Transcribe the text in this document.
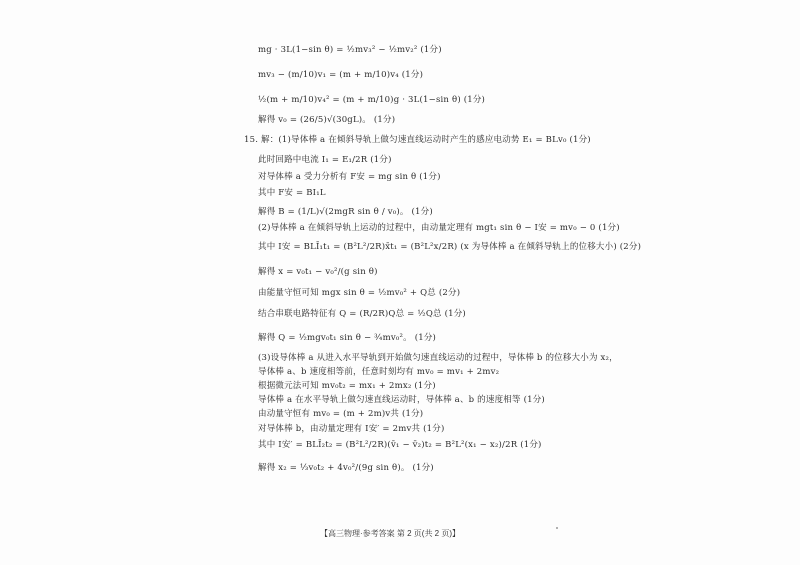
mg · 3L(1−sin θ) = ½mv₃² − ½mv₂² (1分)
mv₃ − (m/10)v₁ = (m + m/10)v₄ (1分)
½(m + m/10)v₄² = (m + m/10)g · 3L(1−sin θ) (1分)
解得 v₀ = (26/5)√(30gL)。 (1分)
15. 解：(1)导体棒 a 在倾斜导轨上做匀速直线运动时产生的感应电动势 E₁ = BLv₀ (1分)
此时回路中电流 I₁ = E₁/2R (1分)
对导体棒 a 受力分析有 F安 = mg sin θ (1分)
其中 F安 = BI₁L
解得 B = (1/L)√(2mgR sin θ / v₀)。 (1分)
(2)导体棒 a 在倾斜导轨上运动的过程中，由动量定理有 mgt₁ sin θ − I安 = mv₀ − 0 (1分)
其中 I安 = BLĪ₁t₁ = (B²L²/2R)x̄t₁ = (B²L²x/2R) (x 为导体棒 a 在倾斜导轨上的位移大小) (2分)
解得 x = v₀t₁ − v₀²/(g sin θ)
由能量守恒可知 mgx sin θ = ½mv₀² + Q总 (2分)
结合串联电路特征有 Q = (R/2R)Q总 = ½Q总 (1分)
解得 Q = ½mgv₀t₁ sin θ − ¾mv₀²。 (1分)
(3)设导体棒 a 从进入水平导轨到开始做匀速直线运动的过程中，导体棒 b 的位移大小为 x₂，
导体棒 a、b 速度相等前，任意时刻均有 mv₀ = mv₁ + 2mv₂
根据微元法可知 mv₀t₂ = mx₁ + 2mx₂ (1分)
导体棒 a 在水平导轨上做匀速直线运动时，导体棒 a、b 的速度相等 (1分)
由动量守恒有 mv₀ = (m + 2m)v共 (1分)
对导体棒 b，由动量定理有 I安′ = 2mv共 (1分)
其中 I安′ = BLĪ₂t₂ = (B²L²/2R)(v̄₁ − v̄₂)t₂ = B²L²(x₁ − x₂)/2R (1分)
解得 x₂ = ⅓v₀t₂ + 4v₀²/(9g sin θ)。 (1分)
【高三物理·参考答案 第 2 页(共 2 页)】
